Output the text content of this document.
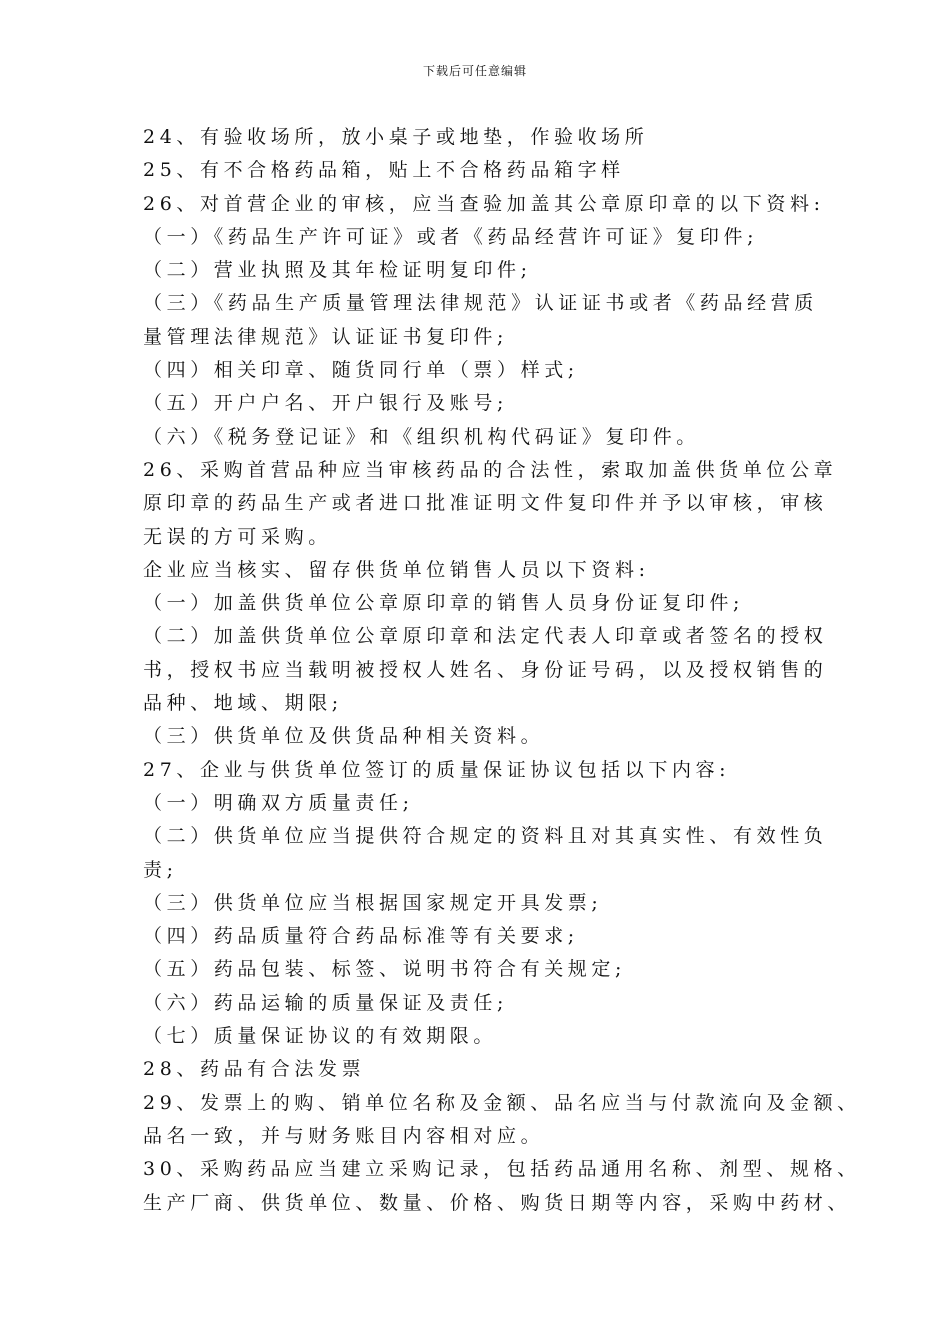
下载后可任意编辑
24、有验收场所，放小桌子或地垫，作验收场所
25、有不合格药品箱，贴上不合格药品箱字样
26、对首营企业的审核，应当查验加盖其公章原印章的以下资料:
（一）《药品生产许可证》或者《药品经营许可证》复印件;
（二）营业执照及其年检证明复印件;
（三）《药品生产质量管理法律规范》认证证书或者《药品经营质
量管理法律规范》认证证书复印件;
（四）相关印章、随货同行单（票）样式;
（五）开户户名、开户银行及账号;
（六）《税务登记证》和《组织机构代码证》复印件。
26、采购首营品种应当审核药品的合法性，索取加盖供货单位公章
原印章的药品生产或者进口批准证明文件复印件并予以审核，审核
无误的方可采购。
企业应当核实、留存供货单位销售人员以下资料:
（一）加盖供货单位公章原印章的销售人员身份证复印件;
（二）加盖供货单位公章原印章和法定代表人印章或者签名的授权
书，授权书应当载明被授权人姓名、身份证号码，以及授权销售的
品种、地域、期限;
（三）供货单位及供货品种相关资料。
27、企业与供货单位签订的质量保证协议包括以下内容:
（一）明确双方质量责任;
（二）供货单位应当提供符合规定的资料且对其真实性、有效性负
责;
（三）供货单位应当根据国家规定开具发票;
（四）药品质量符合药品标准等有关要求;
（五）药品包装、标签、说明书符合有关规定;
（六）药品运输的质量保证及责任;
（七）质量保证协议的有效期限。
28、药品有合法发票
29、发票上的购、销单位名称及金额、品名应当与付款流向及金额、
品名一致，并与财务账目内容相对应。
30、采购药品应当建立采购记录，包括药品通用名称、剂型、规格、
生产厂商、供货单位、数量、价格、购货日期等内容，采购中药材、
